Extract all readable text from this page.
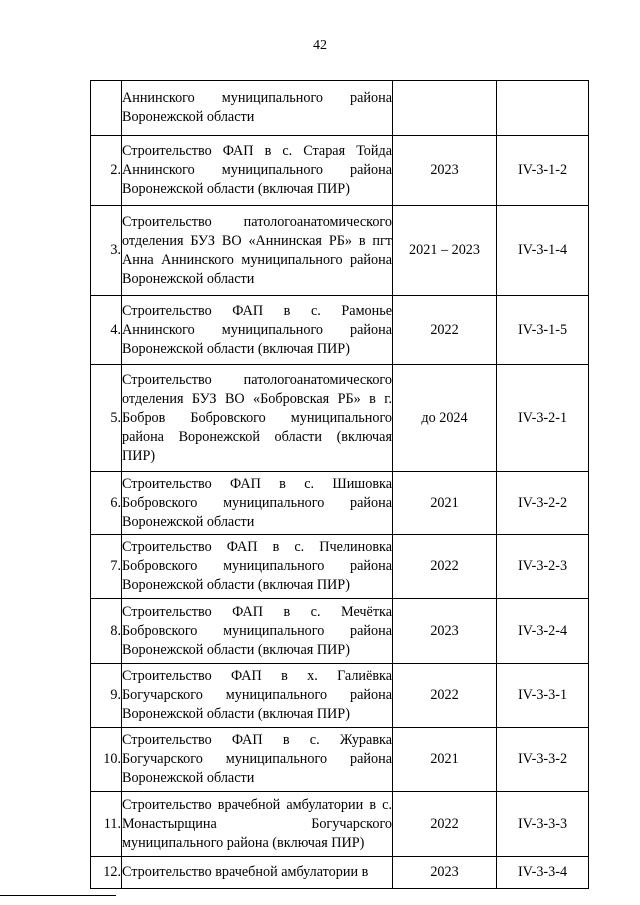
42

	Аннинского муниципального района Воронежской области		

2.	Строительство ФАП в с. Старая Тойда Аннинского муниципального района Воронежской области (включая ПИР)	2023	IV-3-1-2
3.	Строительство патологоанатомического отделения БУЗ ВО «Аннинская РБ» в пгт Анна Аннинского муниципального района Воронежской области	2021 – 2023	IV-3-1-4
4.	Строительство ФАП в с. Рамонье Аннинского муниципального района Воронежской области (включая ПИР)	2022	IV-3-1-5
5.	Строительство патологоанатомического отделения БУЗ ВО «Бобровская РБ» в г. Бобров Бобровского муниципального района Воронежской области (включая ПИР)	до 2024	IV-3-2-1
6.	Строительство ФАП в с. Шишовка Бобровского муниципального района Воронежской области	2021	IV-3-2-2
7.	Строительство ФАП в с. Пчелиновка Бобровского муниципального района Воронежской области (включая ПИР)	2022	IV-3-2-3
8.	Строительство ФАП в с. Мечётка Бобровского муниципального района Воронежской области (включая ПИР)	2023	IV-3-2-4
9.	Строительство ФАП в х. Галиёвка Богучарского муниципального района Воронежской области (включая ПИР)	2022	IV-3-3-1
10.	Строительство ФАП в с. Журавка Богучарского муниципального района Воронежской области	2021	IV-3-3-2
11.	Строительство врачебной амбулатории в с. Монастырщина Богучарского муниципального района (включая ПИР)	2022	IV-3-3-3
12.	Строительство врачебной амбулатории в	2023	IV-3-3-4
